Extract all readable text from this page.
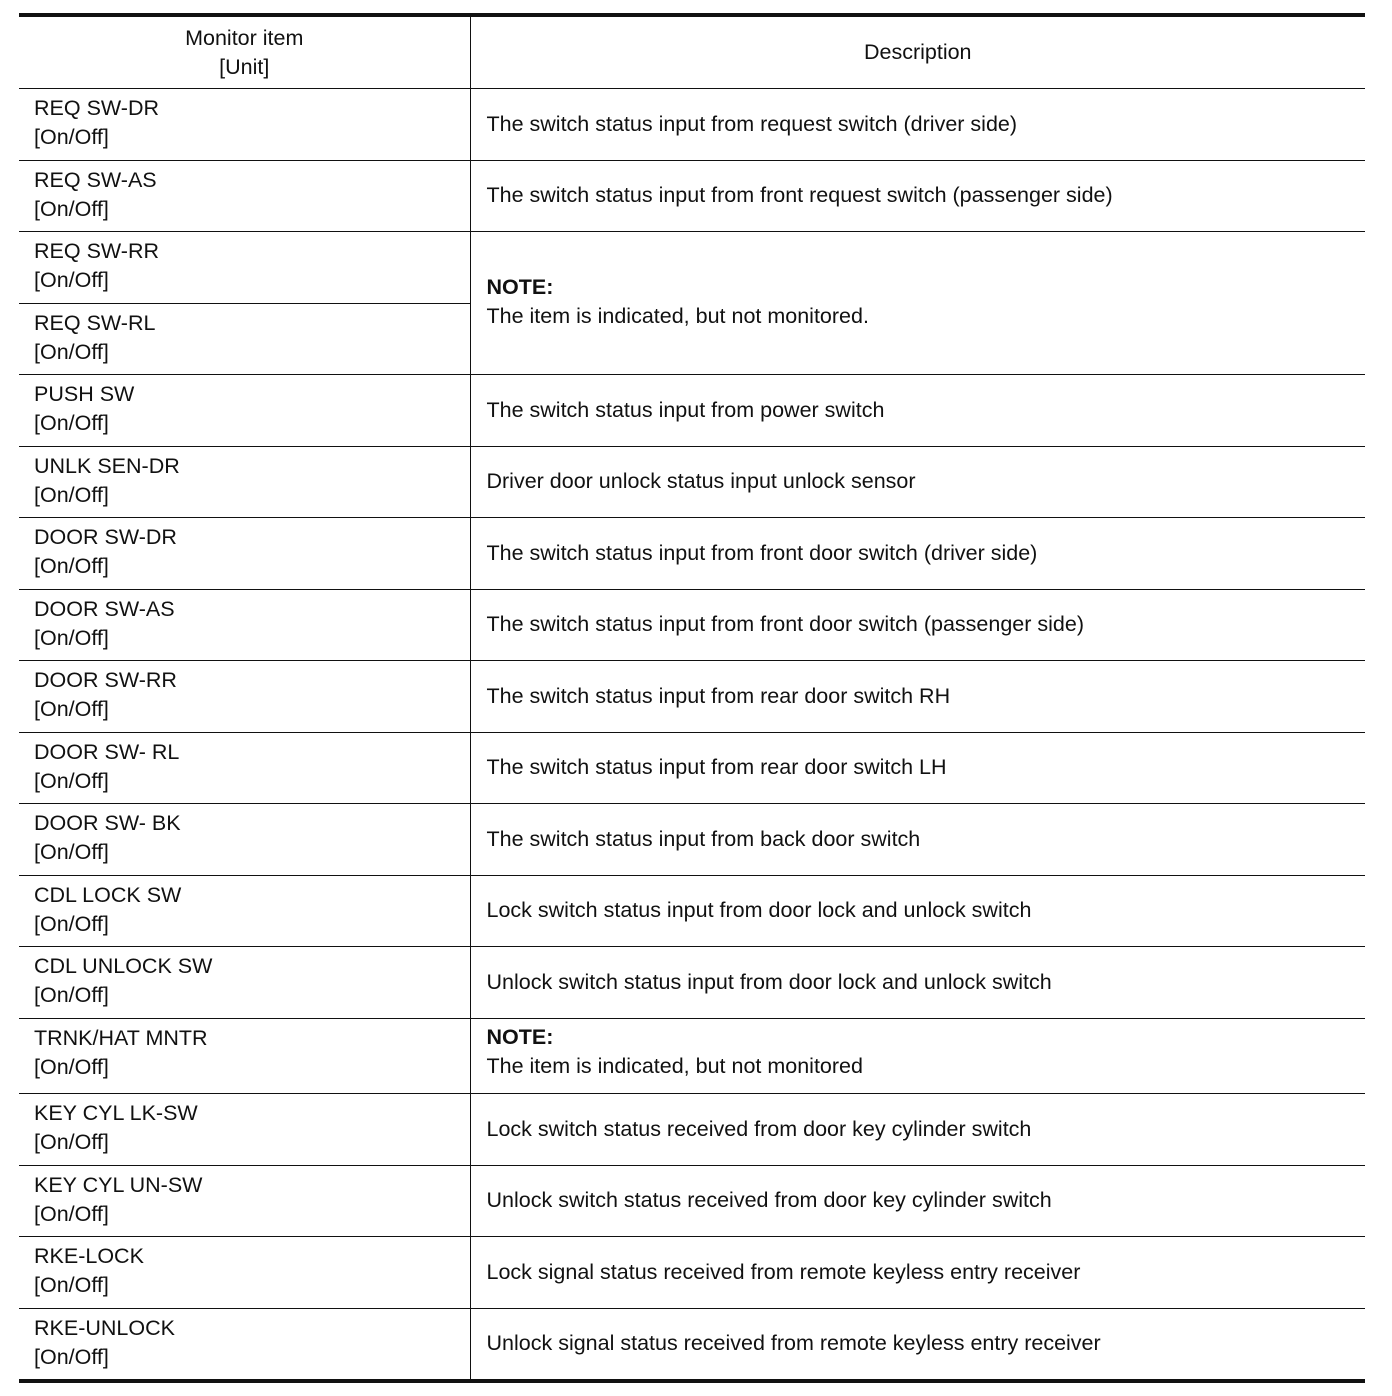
Monitor item
[Unit]	Description

REQ SW-DR
[On/Off]	The switch status input from request switch (driver side)

REQ SW-AS
[On/Off]	The switch status input from front request switch (passenger side)

REQ SW-RR
[On/Off]	NOTE:
The item is indicated, but not monitored.

REQ SW-RL
[On/Off]	

PUSH SW
[On/Off]	The switch status input from power switch

UNLK SEN-DR
[On/Off]	Driver door unlock status input unlock sensor

DOOR SW-DR
[On/Off]	The switch status input from front door switch (driver side)

DOOR SW-AS
[On/Off]	The switch status input from front door switch (passenger side)

DOOR SW-RR
[On/Off]	The switch status input from rear door switch RH

DOOR SW- RL
[On/Off]	The switch status input from rear door switch LH

DOOR SW- BK
[On/Off]	The switch status input from back door switch

CDL LOCK SW
[On/Off]	Lock switch status input from door lock and unlock switch

CDL UNLOCK SW
[On/Off]	Unlock switch status input from door lock and unlock switch

TRNK/HAT MNTR
[On/Off]	NOTE:
The item is indicated, but not monitored

KEY CYL LK-SW
[On/Off]	Lock switch status received from door key cylinder switch

KEY CYL UN-SW
[On/Off]	Unlock switch status received from door key cylinder switch

RKE-LOCK
[On/Off]	Lock signal status received from remote keyless entry receiver

RKE-UNLOCK
[On/Off]	Unlock signal status received from remote keyless entry receiver
